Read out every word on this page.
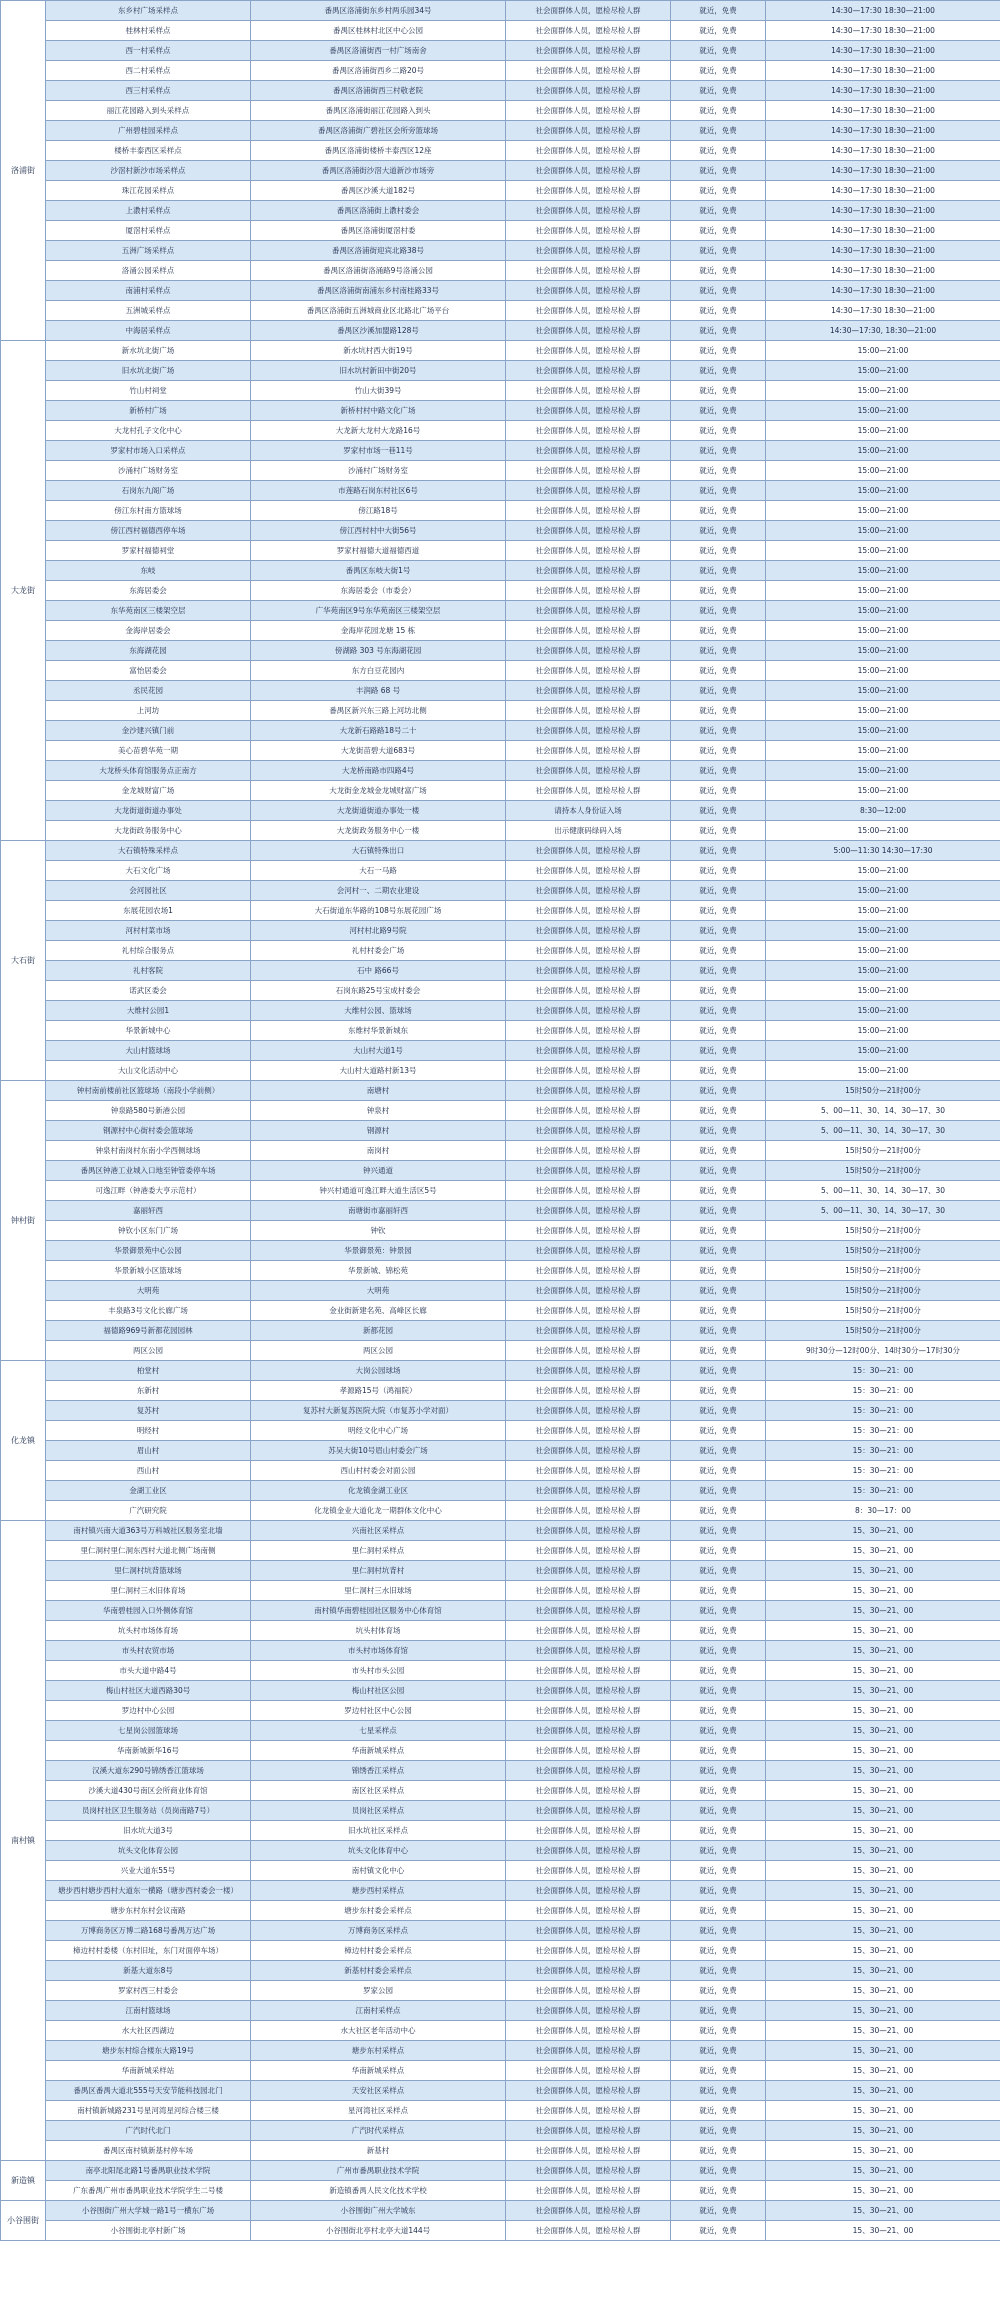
洛浦街	东乡村广场采样点	番禺区洛浦街东乡村两乐园34号	社会面群体人员，愿检尽检人群	就近，免费	14:30—17:30 18:30—21:00
	桂林村采样点	番禺区桂林村北区中心公园	社会面群体人员，愿检尽检人群	就近，免费	14:30—17:30 18:30—21:00
	西一村采样点	番禺区洛浦街西一村广场南舍	社会面群体人员，愿检尽检人群	就近，免费	14:30—17:30 18:30—21:00
	西二村采样点	番禺区洛浦街西乡二路20号	社会面群体人员，愿检尽检人群	就近，免费	14:30—17:30 18:30—21:00
	西三村采样点	番禺区洛浦街西三村敬老院	社会面群体人员，愿检尽检人群	就近，免费	14:30—17:30 18:30—21:00
	丽江花园路入到头采样点	番禺区洛浦街丽江花园路入到头	社会面群体人员，愿检尽检人群	就近，免费	14:30—17:30 18:30—21:00
	广州碧桂园采样点	番禺区洛浦街广碧社区会所旁篮球场	社会面群体人员，愿检尽检人群	就近，免费	14:30—17:30 18:30—21:00
	楼桥丰泰西区采样点	番禺区洛浦街楼桥丰泰西区12座	社会面群体人员，愿检尽检人群	就近，免费	14:30—17:30 18:30—21:00
	沙滘村新沙市场采样点	番禺区洛浦街沙滘大道新沙市场旁	社会面群体人员，愿检尽检人群	就近，免费	14:30—17:30 18:30—21:00
	珠江花园采样点	番禺区沙溪大道182号	社会面群体人员，愿检尽检人群	就近，免费	14:30—17:30 18:30—21:00
	上漖村采样点	番禺区洛浦街上漖村委会	社会面群体人员，愿检尽检人群	就近，免费	14:30—17:30 18:30—21:00
	厦滘村采样点	番禺区洛浦街厦滘村委	社会面群体人员，愿检尽检人群	就近，免费	14:30—17:30 18:30—21:00
	五洲广场采样点	番禺区洛浦街迎宾北路38号	社会面群体人员，愿检尽检人群	就近，免费	14:30—17:30 18:30—21:00
	洛涌公园采样点	番禺区洛浦街洛涌路9号洛涌公园	社会面群体人员，愿检尽检人群	就近，免费	14:30—17:30 18:30—21:00
	南浦村采样点	番禺区洛浦街南浦东乡村南桂路33号	社会面群体人员，愿检尽检人群	就近，免费	14:30—17:30 18:30—21:00
	五洲城采样点	番禺区洛浦街五洲城商业区北路北广场平台	社会面群体人员，愿检尽检人群	就近，免费	14:30—17:30 18:30—21:00
	中海居采样点	番禺区沙溪加盟路128号	社会面群体人员，愿检尽检人群	就近，免费	14:30—17:30, 18:30—21:00
大龙街	新水坑北街广场	新水坑村西大街19号	社会面群体人员，愿检尽检人群	就近，免费	15:00—21:00
	旧水坑北街广场	旧水坑村新田中街20号	社会面群体人员，愿检尽检人群	就近，免费	15:00—21:00
	竹山村祠堂	竹山大街39号	社会面群体人员，愿检尽检人群	就近，免费	15:00—21:00
	新桥村广场	新桥村村中路文化广场	社会面群体人员，愿检尽检人群	就近，免费	15:00—21:00
	大龙村孔子文化中心	大龙新大龙村大龙路16号	社会面群体人员，愿检尽检人群	就近，免费	15:00—21:00
	罗家村市场入口采样点	罗家村市场一巷11号	社会面群体人员，愿检尽检人群	就近，免费	15:00—21:00
	沙涌村广场财务室	沙涌村广场财务室	社会面群体人员，愿检尽检人群	就近，免费	15:00—21:00
	石岗东九阁广场	市莲路石岗东村社区6号	社会面群体人员，愿检尽检人群	就近，免费	15:00—21:00
	傍江东村南方篮球场	傍江路18号	社会面群体人员，愿检尽检人群	就近，免费	15:00—21:00
	傍江西村福德西停车场	傍江西村村中大街56号	社会面群体人员，愿检尽检人群	就近，免费	15:00—21:00
	罗家村福德祠堂	罗家村福德大道福德西道	社会面群体人员，愿检尽检人群	就近，免费	15:00—21:00
	东岐	番禺区东岐大街1号	社会面群体人员，愿检尽检人群	就近，免费	15:00—21:00
	东海居委会	东海居委会（市委会）	社会面群体人员，愿检尽检人群	就近，免费	15:00—21:00
	东华苑南区三楼架空层	广华苑南区9号东华苑南区三楼架空层	社会面群体人员，愿检尽检人群	就近，免费	15:00—21:00
	金海岸居委会	金海岸花园龙塘 15 栋	社会面群体人员，愿检尽检人群	就近，免费	15:00—21:00
	东海湖花园	傍湖路 303 号东海湖花园	社会面群体人员，愿检尽检人群	就近，免费	15:00—21:00
	富怡居委会	东方白豆花园内	社会面群体人员，愿检尽检人群	就近，免费	15:00—21:00
	丞民花园	丰润路 68 号	社会面群体人员，愿检尽检人群	就近，免费	15:00—21:00
	上河坊	番禺区新兴东三路上河坊北侧	社会面群体人员，愿检尽检人群	就近，免费	15:00—21:00
	金沙建兴镇门前	大龙新石路路18号二十	社会面群体人员，愿检尽检人群	就近，免费	15:00—21:00
	美心苗碧华苑一期	大龙街苗碧大道683号	社会面群体人员，愿检尽检人群	就近，免费	15:00—21:00
	大龙桥头体育馆服务点正南方	大龙桥南路市四路4号	社会面群体人员，愿检尽检人群	就近，免费	15:00—21:00
	金龙城财富广场	大龙街金龙城金龙城财富广场	社会面群体人员，愿检尽检人群	就近，免费	15:00—21:00
	大龙街道街道办事处	大龙街道街道办事处一楼	请持本人身份证入场	就近，免费	8:30—12:00
	大龙街政务服务中心	大龙街政务服务中心一楼	出示健康码绿码入场	就近，免费	15:00—21:00
大石街	大石镇特殊采样点	大石镇特殊出口	社会面群体人员，愿检尽检人群	就近，免费	5:00—11:30 14:30—17:30
	大石文化广场	大石一马路	社会面群体人员，愿检尽检人群	就近，免费	15:00—21:00
	会河园社区	会河村一、二期农业建设	社会面群体人员，愿检尽检人群	就近，免费	15:00—21:00
	东展花园农场1	大石街道东华路的108号东展花园广场	社会面群体人员，愿检尽检人群	就近，免费	15:00—21:00
	河村村菜市场	河村村北路9号院	社会面群体人员，愿检尽检人群	就近，免费	15:00—21:00
	礼村综合服务点	礼村村委会广场	社会面群体人员，愿检尽检人群	就近，免费	15:00—21:00
	礼村客院	石中 路66号	社会面群体人员，愿检尽检人群	就近，免费	15:00—21:00
	诺武区委会	石岗东路25号宝成村委会	社会面群体人员，愿检尽检人群	就近，免费	15:00—21:00
	大维村公园1	大维村公园、篮球场	社会面群体人员，愿检尽检人群	就近，免费	15:00—21:00
	华景新城中心	东维村华景新城东	社会面群体人员，愿检尽检人群	就近，免费	15:00—21:00
	大山村篮球场	大山村大道1号	社会面群体人员，愿检尽检人群	就近，免费	15:00—21:00
	大山文化活动中心	大山村大道路村新13号	社会面群体人员，愿检尽检人群	就近，免费	15:00—21:00
钟村街	钟村南前楼前社区篮球场（南段小学前侧）	南塘村	社会面群体人员，愿检尽检人群	就近，免费	15时50分—21时00分
	钟泉路580号新港公园	钟泉村	社会面群体人员，愿检尽检人群	就近，免费	5、00—11、30、14、30—17、30
	钢源村中心街村委会篮球场	钢源村	社会面群体人员，愿检尽检人群	就近，免费	5、00—11、30、14、30—17、30
	钟泉村南岗村东南小学西侧球场	南岗村	社会面群体人员，愿检尽检人群	就近，免费	15时50分—21时00分
	番禺区钟港工业城入口地至钟管委停车场	钟兴通道	社会面群体人员，愿检尽检人群	就近，免费	15时50分—21时00分
	可逸江畔（钟港委大亨示范村）	钟兴村通道可逸江畔大道生活区5号	社会面群体人员，愿检尽检人群	就近，免费	5、00—11、30、14、30—17、30
	嘉丽轩西	南塘街市嘉丽轩西	社会面群体人员，愿检尽检人群	就近，免费	5、00—11、30、14、30—17、30
	钟钦小区东门广场	钟钦	社会面群体人员，愿检尽检人群	就近，免费	15时50分—21时00分
	华景御景苑中心公园	华景御景苑：钟景园	社会面群体人员，愿检尽检人群	就近，免费	15时50分—21时00分
	华景新城小区篮球场	华景新城、锦松苑	社会面群体人员，愿检尽检人群	就近，免费	15时50分—21时00分
	大明苑	大明苑	社会面群体人员，愿检尽检人群	就近，免费	15时50分—21时00分
	丰泉路3号文化长廊广场	金业街新建名苑、高峰区长廊	社会面群体人员，愿检尽检人群	就近，免费	15时50分—21时00分
	福德路969号新都花园园林	新都花园	社会面群体人员，愿检尽检人群	就近，免费	15时50分—21时00分
	两区公园	两区公园	社会面群体人员，愿检尽检人群	就近，免费	9时30分—12时00分、14时30分—17时30分
化龙镇	柏堂村	大岗公园球场	社会面群体人员，愿检尽检人群	就近，免费	15：30—21：00
	东新村	孝源路15号（鸿福院）	社会面群体人员，愿检尽检人群	就近，免费	15：30—21：00
	复苏村	复苏村大新复苏医院大院（市复苏小学对面）	社会面群体人员，愿检尽检人群	就近，免费	15：30—21：00
	明经村	明经文化中心广场	社会面群体人员，愿检尽检人群	就近，免费	15：30—21：00
	眉山村	苏吴大街10号眉山村委会广场	社会面群体人员，愿检尽检人群	就近，免费	15：30—21：00
	西山村	西山村村委会对面公园	社会面群体人员，愿检尽检人群	就近，免费	15：30—21：00
	金湖工业区	化龙镇金湖工业区	社会面群体人员，愿检尽检人群	就近，免费	15：30—21：00
	广汽研究院	化龙镇金业大道化龙一期群体文化中心	社会面群体人员，愿检尽检人群	就近，免费	8：30—17：00
南村镇	南村镇兴南大道363号万科城社区服务室北墙	兴南社区采样点	社会面群体人员，愿检尽检人群	就近，免费	15、30—21、00
	里仁洞村里仁洞东西村大道北侧广场南侧	里仁洞村采样点	社会面群体人员，愿检尽检人群	就近，免费	15、30—21、00
	里仁洞村坑背篮球场	里仁洞村坑背村	社会面群体人员，愿检尽检人群	就近，免费	15、30—21、00
	里仁洞村三水旧体育场	里仁洞村三水旧球场	社会面群体人员，愿检尽检人群	就近，免费	15、30—21、00
	华南碧桂园入口外侧体育馆	南村镇华南碧桂园社区服务中心体育馆	社会面群体人员，愿检尽检人群	就近，免费	15、30—21、00
	坑头村市场体育场	坑头村体育场	社会面群体人员，愿检尽检人群	就近，免费	15、30—21、00
	市头村农贸市场	市头村市场体育馆	社会面群体人员，愿检尽检人群	就近，免费	15、30—21、00
	市头大道中路4号	市头村市头公园	社会面群体人员，愿检尽检人群	就近，免费	15、30—21、00
	梅山村社区大道西路30号	梅山村社区公园	社会面群体人员，愿检尽检人群	就近，免费	15、30—21、00
	罗边村中心公园	罗边村社区中心公园	社会面群体人员，愿检尽检人群	就近，免费	15、30—21、00
	七星岗公园篮球场	七星采样点	社会面群体人员，愿检尽检人群	就近，免费	15、30—21、00
	华南新城新华16号	华南新城采样点	社会面群体人员，愿检尽检人群	就近，免费	15、30—21、00
	汉溪大道东290号锦绣香江篮球场	锦绣香江采样点	社会面群体人员，愿检尽检人群	就近，免费	15、30—21、00
	沙溪大道430号南区会所商业体育馆	南区社区采样点	社会面群体人员，愿检尽检人群	就近，免费	15、30—21、00
	员岗村社区卫生服务站（员岗南路7号）	员岗社区采样点	社会面群体人员，愿检尽检人群	就近，免费	15、30—21、00
	旧水坑大道3号	旧水坑社区采样点	社会面群体人员，愿检尽检人群	就近，免费	15、30—21、00
	坑头文化体育公园	坑头文化体育中心	社会面群体人员，愿检尽检人群	就近，免费	15、30—21、00
	兴业大道东55号	南村镇文化中心	社会面群体人员，愿检尽检人群	就近，免费	15、30—21、00
	塘步西村塘步西村大道东一横路（塘步西村委会一楼）	塘步西村采样点	社会面群体人员，愿检尽检人群	就近，免费	15、30—21、00
	塘步东村东村会议南路	塘步东村委会采样点	社会面群体人员，愿检尽检人群	就近，免费	15、30—21、00
	万博商务区万博二路168号番禺万达广场	万博商务区采样点	社会面群体人员，愿检尽检人群	就近，免费	15、30—21、00
	樟边村村委楼（东村旧址，东门对面停车场）	樟边村村委会采样点	社会面群体人员，愿检尽检人群	就近，免费	15、30—21、00
	新基大道东8号	新基村村委会采样点	社会面群体人员，愿检尽检人群	就近，免费	15、30—21、00
	罗家村西三村委会	罗家公园	社会面群体人员，愿检尽检人群	就近，免费	15、30—21、00
	江南村篮球场	江南村采样点	社会面群体人员，愿检尽检人群	就近，免费	15、30—21、00
	水大社区西湖边	水大社区老年活动中心	社会面群体人员，愿检尽检人群	就近，免费	15、30—21、00
	塘步东村综合楼东大路19号	塘步东村采样点	社会面群体人员，愿检尽检人群	就近，免费	15、30—21、00
	华南新城采样站	华南新城采样点	社会面群体人员，愿检尽检人群	就近，免费	15、30—21、00
	番禺区番禺大道北555号天安节能科技园北门	天安社区采样点	社会面群体人员，愿检尽检人群	就近，免费	15、30—21、00
	南村镇新城路231号星河湾星河综合楼三楼	星河湾社区采样点	社会面群体人员，愿检尽检人群	就近，免费	15、30—21、00
	广汽时代北门	广汽时代采样点	社会面群体人员，愿检尽检人群	就近，免费	15、30—21、00
	番禺区南村镇新基村停车场	新基村	社会面群体人员，愿检尽检人群	就近，免费	15、30—21、00
新造镇	南亭北阳尾北路1号番禺职业技术学院	广州市番禺职业技术学院	社会面群体人员，愿检尽检人群	就近，免费	15、30—21、00
	广东番禺广州市番禺职业技术学院学生二号楼	新造镇番禺人民文化技术学校	社会面群体人员，愿检尽检人群	就近，免费	15、30—21、00
小谷围街	小谷围街广州大学城一路1号一横东广场	小谷围街广州大学城东	社会面群体人员，愿检尽检人群	就近，免费	15、30—21、00
	小谷围街北亭村新广场	小谷围街北亭村北亭大道144号	社会面群体人员，愿检尽检人群	就近，免费	15、30—21、00
